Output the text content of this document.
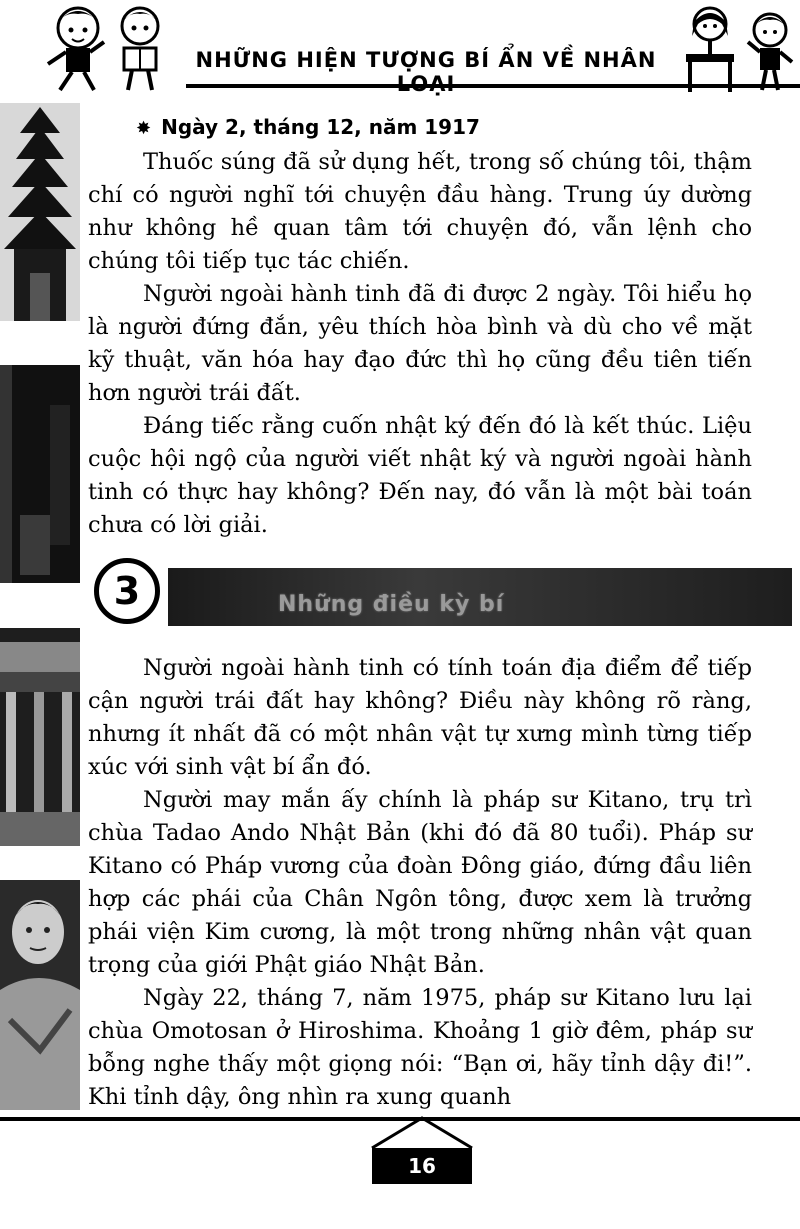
NHỮNG HIỆN TƯỢNG BÍ ẨN VỀ NHÂN
✸ Ngày 2, tháng 12, năm 1917

Thuốc súng đã sử dụng hết, trong số chúng tôi, thậm chí có người nghĩ tới chuyện đầu hàng. Trung úy dường như không hề quan tâm tới chuyện đó, vẫn lệnh cho chúng tôi tiếp tục tác chiến.

Người ngoài hành tinh đã đi được 2 ngày. Tôi hiểu họ là người đứng đắn, yêu thích hòa bình và dù cho về mặt kỹ thuật, văn hóa hay đạo đức thì họ cũng đều tiên tiến hơn người trái đất.

Đáng tiếc rằng cuốn nhật ký đến đó là kết thúc. Liệu cuộc hội ngộ của người viết nhật ký và người ngoài hành tinh có thực hay không? Đến nay, đó vẫn là một bài toán chưa có lời giải.

Những điều kỳ bí
3

Người ngoài hành tinh có tính toán địa điểm để tiếp cận người trái đất hay không? Điều này không rõ ràng, nhưng ít nhất đã có một nhân vật tự xưng mình từng tiếp xúc với sinh vật bí ẩn đó.

Người may mắn ấy chính là pháp sư Kitano, trụ trì chùa Tadao Ando Nhật Bản (khi đó đã 80 tuổi). Pháp sư Kitano có Pháp vương của đoàn Đông giáo, đứng đầu liên hợp các phái của Chân Ngôn tông, được xem là trưởng phái viện Kim cương, là một trong những nhân vật quan trọng của giới Phật giáo Nhật Bản.

Ngày 22, tháng 7, năm 1975, pháp sư Kitano lưu lại chùa Omotosan ở Hiroshima. Khoảng 1 giờ đêm, pháp sư bỗng nghe thấy một giọng nói: “Bạn ơi, hãy tỉnh dậy đi!”. Khi tỉnh dậy, ông nhìn ra xung quanh

16
